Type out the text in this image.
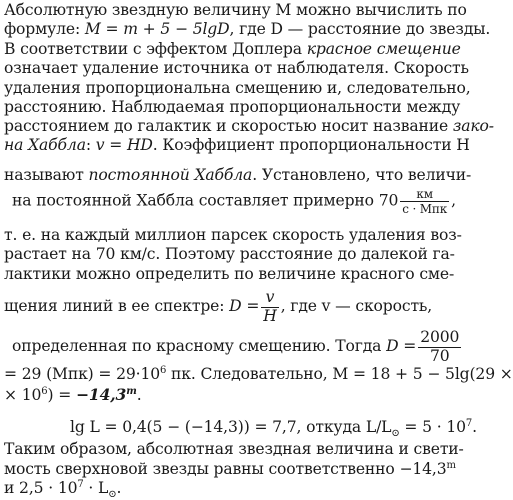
Абсолютную звездную величину M можно вычислить по
формуле: M = m + 5 − 5lgD, где D — расстояние до звезды.
В соответствии с эффектом Доплера красное смещение
означает удаление источника от наблюдателя. Скорость
удаления пропорциональна смещению и, следовательно,
расстоянию. Наблюдаемая пропорциональности между
расстоянием до галактик и скоростью носит название зако-
на Хаббла: v = HD. Коэффициент пропорциональности H
называют постоянной Хаббла. Установлено, что величи-
на постоянной Хаббла составляет примерно $70 \frac{км}{\text{с · Мпк}}$ ,
т. е. на каждый миллион парсек скорость удаления воз-
растает на 70 км/с. Поэтому расстояние до далекой га-
лактики можно определить по величине красного сме-
щения линий в ее спектре: $D = \frac{v}{H}$ , где v — скорость,
определенная по красному смещению. Тогда $D = \frac{2000}{70}$
= 29 $(Мпк) = 29\cdot 10^6$ пк. Следовательно, M = 18 + 5 − 5lg(29 ×
× $10^6) = -14,3^m$.
lg L = 0,4(5 − (−14,3)) = 7,7, откуда $L/L_⊙ = 5 \cdot 10^7$.
Таким образом, абсолютная звездная величина и свети-
мость сверхновой звезды равны соответственно $-14,3^m$
и $2,5 \cdot 10^7 \cdot L_⊙$.
